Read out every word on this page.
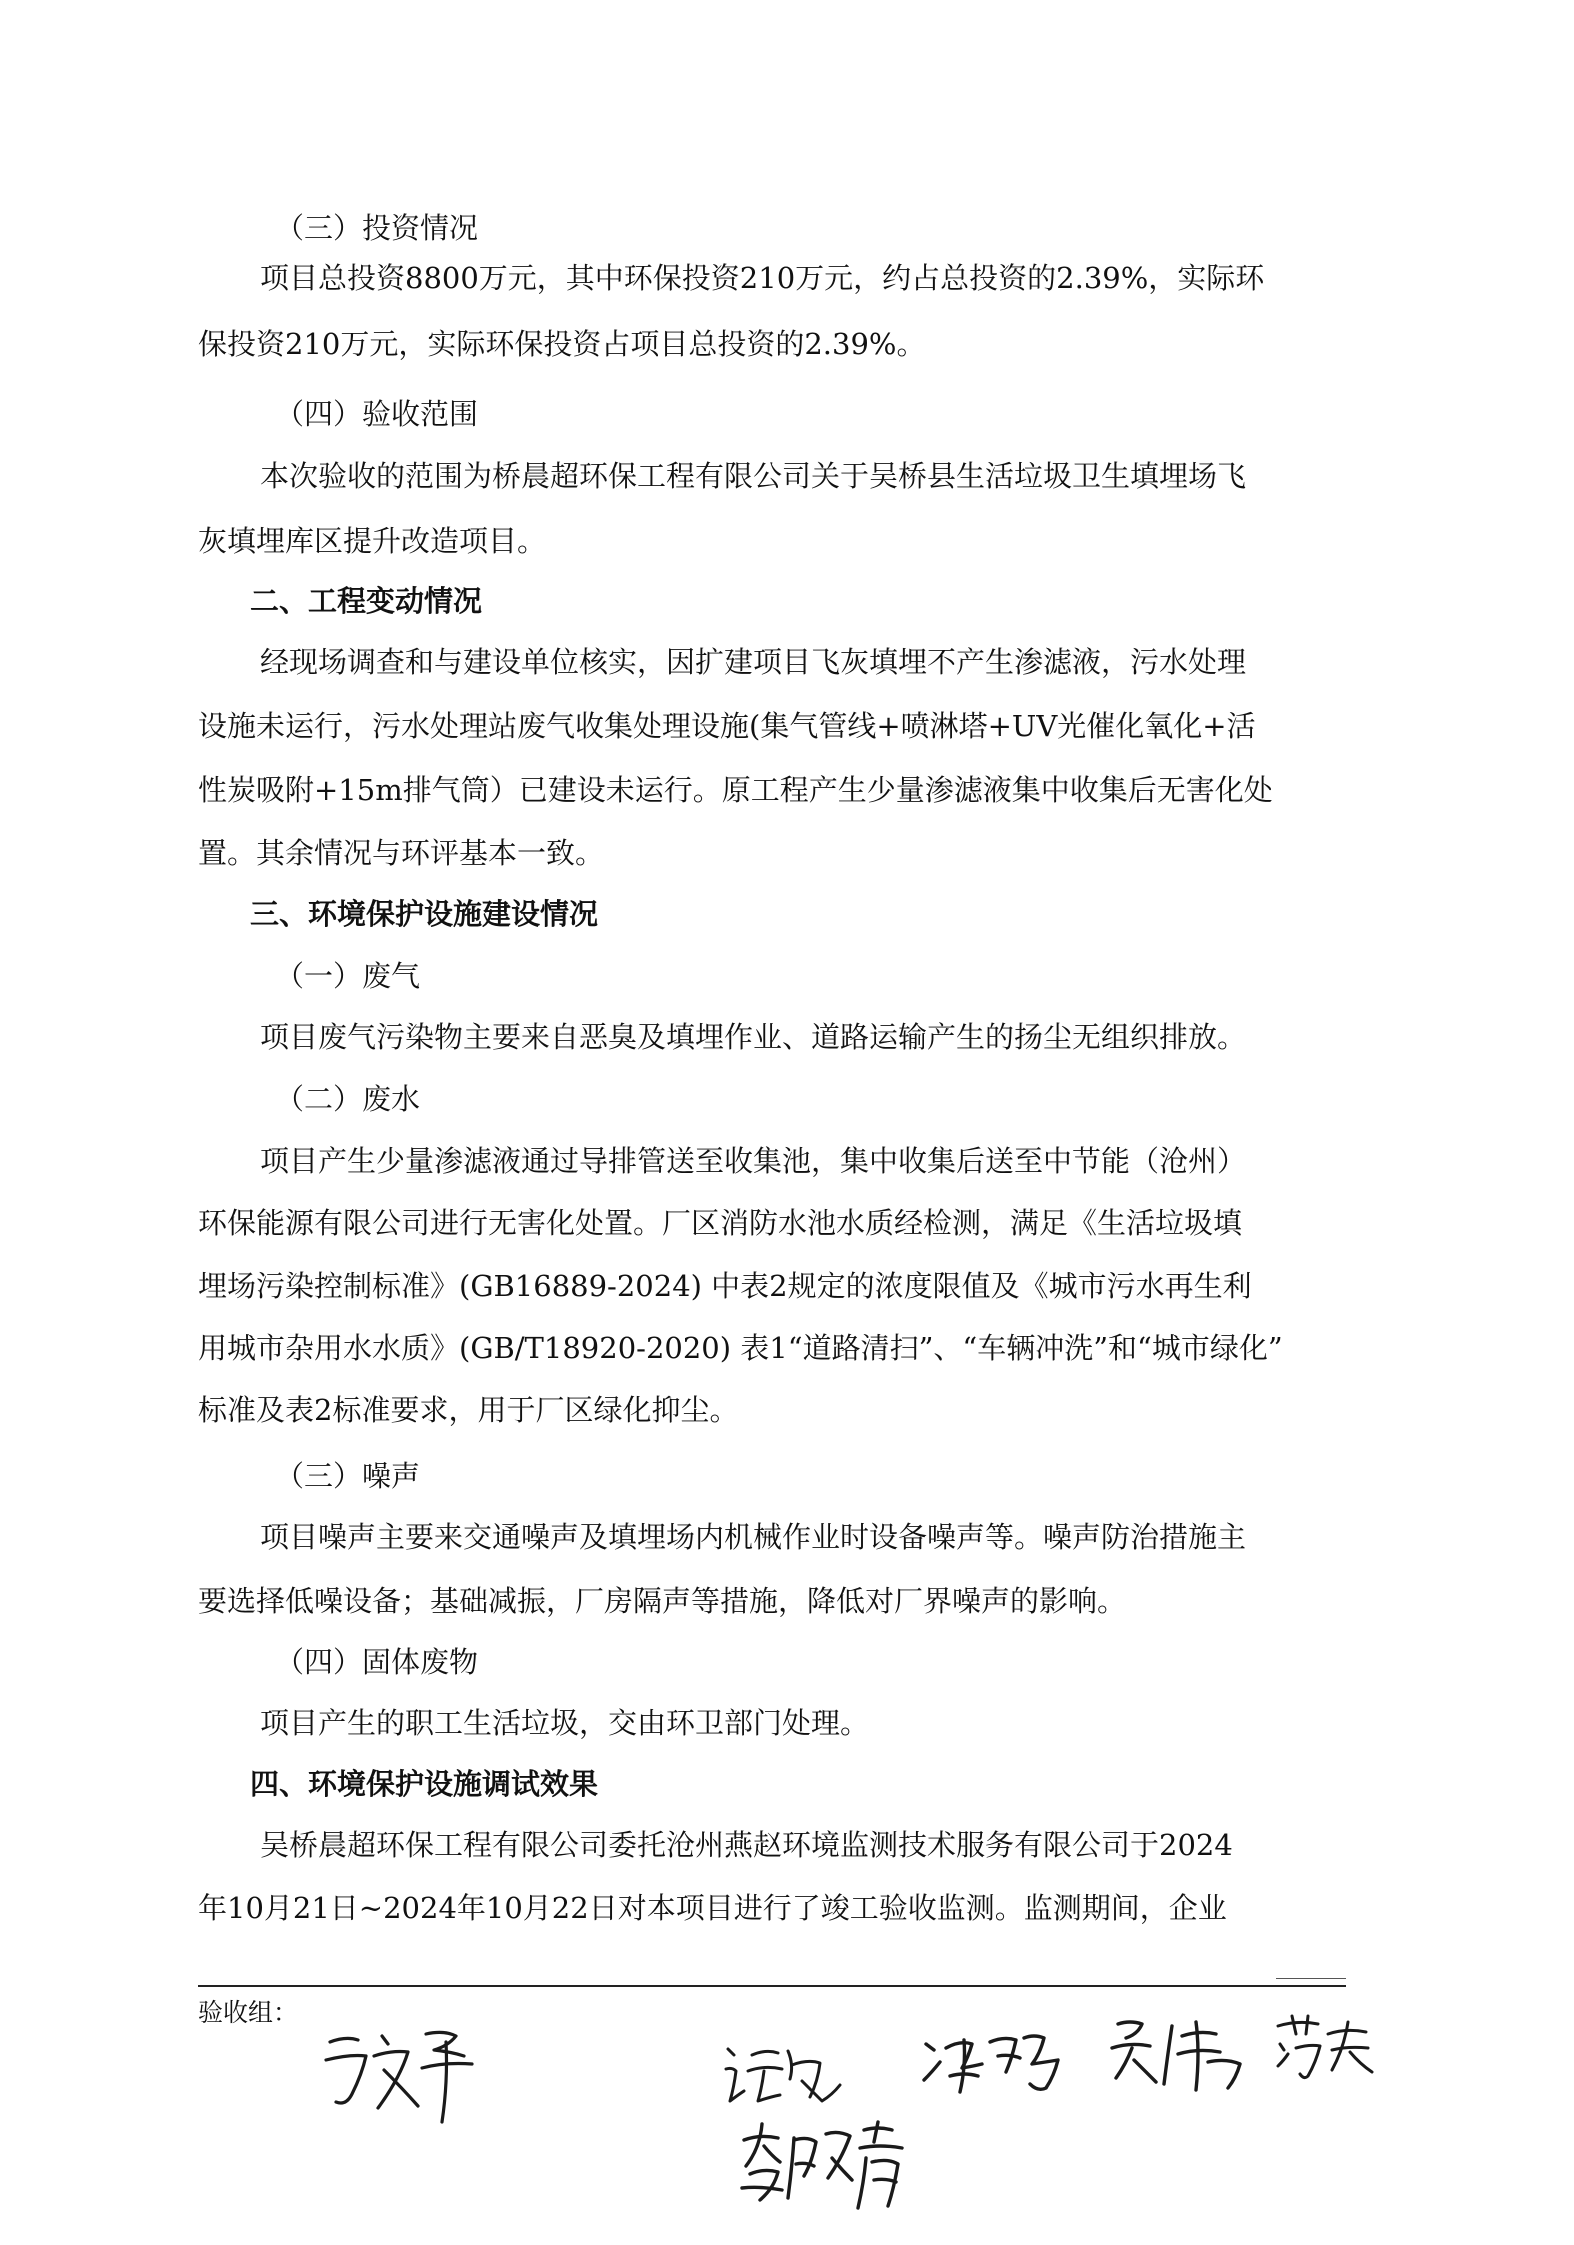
（三）投资情况
项目总投资8800万元，其中环保投资210万元，约占总投资的2.39%，实际环
保投资210万元，实际环保投资占项目总投资的2.39%。
（四）验收范围
本次验收的范围为桥晨超环保工程有限公司关于吴桥县生活垃圾卫生填埋场飞
灰填埋库区提升改造项目。
二、工程变动情况
经现场调查和与建设单位核实，因扩建项目飞灰填埋不产生渗滤液，污水处理
设施未运行，污水处理站废气收集处理设施(集气管线+喷淋塔+UV光催化氧化+活
性炭吸附+15m排气筒）已建设未运行。原工程产生少量渗滤液集中收集后无害化处
置。其余情况与环评基本一致。
三、环境保护设施建设情况
（一）废气
项目废气污染物主要来自恶臭及填埋作业、道路运输产生的扬尘无组织排放。
（二）废水
项目产生少量渗滤液通过导排管送至收集池，集中收集后送至中节能（沧州）
环保能源有限公司进行无害化处置。厂区消防水池水质经检测，满足《生活垃圾填
埋场污染控制标准》(GB16889-2024) 中表2规定的浓度限值及《城市污水再生利
用城市杂用水水质》(GB/T18920-2020) 表1“道路清扫”、“车辆冲洗”和“城市绿化”
标准及表2标准要求，用于厂区绿化抑尘。
（三）噪声
项目噪声主要来交通噪声及填埋场内机械作业时设备噪声等。噪声防治措施主
要选择低噪设备；基础减振，厂房隔声等措施，降低对厂界噪声的影响。
（四）固体废物
项目产生的职工生活垃圾，交由环卫部门处理。
四、环境保护设施调试效果
吴桥晨超环保工程有限公司委托沧州燕赵环境监测技术服务有限公司于2024
年10月21日~2024年10月22日对本项目进行了竣工验收监测。监测期间，企业
验收组：
